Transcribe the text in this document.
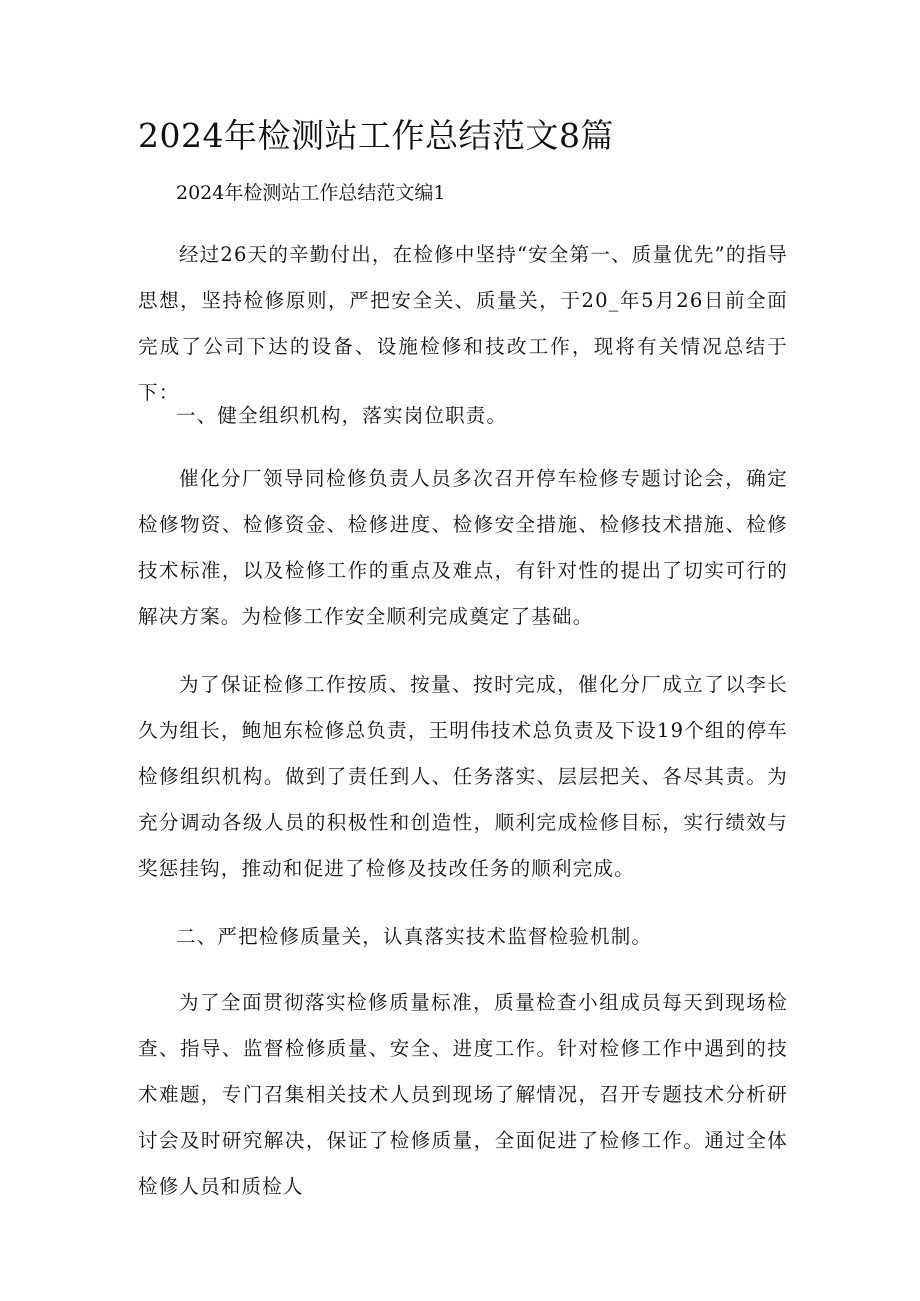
2024年检测站工作总结范文8篇

2024年检测站工作总结范文编1

经过26天的辛勤付出，在检修中坚持“安全第一、质量优先”的指导思想，坚持检修原则，严把安全关、质量关，于20_年5月26日前全面完成了公司下达的设备、设施检修和技改工作，现将有关情况总结于下：

一、健全组织机构，落实岗位职责。

催化分厂领导同检修负责人员多次召开停车检修专题讨论会，确定检修物资、检修资金、检修进度、检修安全措施、检修技术措施、检修技术标准，以及检修工作的重点及难点，有针对性的提出了切实可行的解决方案。为检修工作安全顺利完成奠定了基础。

为了保证检修工作按质、按量、按时完成，催化分厂成立了以李长久为组长，鲍旭东检修总负责，王明伟技术总负责及下设19个组的停车检修组织机构。做到了责任到人、任务落实、层层把关、各尽其责。为充分调动各级人员的积极性和创造性，顺利完成检修目标，实行绩效与奖惩挂钩，推动和促进了检修及技改任务的顺利完成。

二、严把检修质量关，认真落实技术监督检验机制。

为了全面贯彻落实检修质量标准，质量检查小组成员每天到现场检查、指导、监督检修质量、安全、进度工作。针对检修工作中遇到的技术难题，专门召集相关技术人员到现场了解情况，召开专题技术分析研讨会及时研究解决，保证了检修质量，全面促进了检修工作。通过全体检修人员和质检人
